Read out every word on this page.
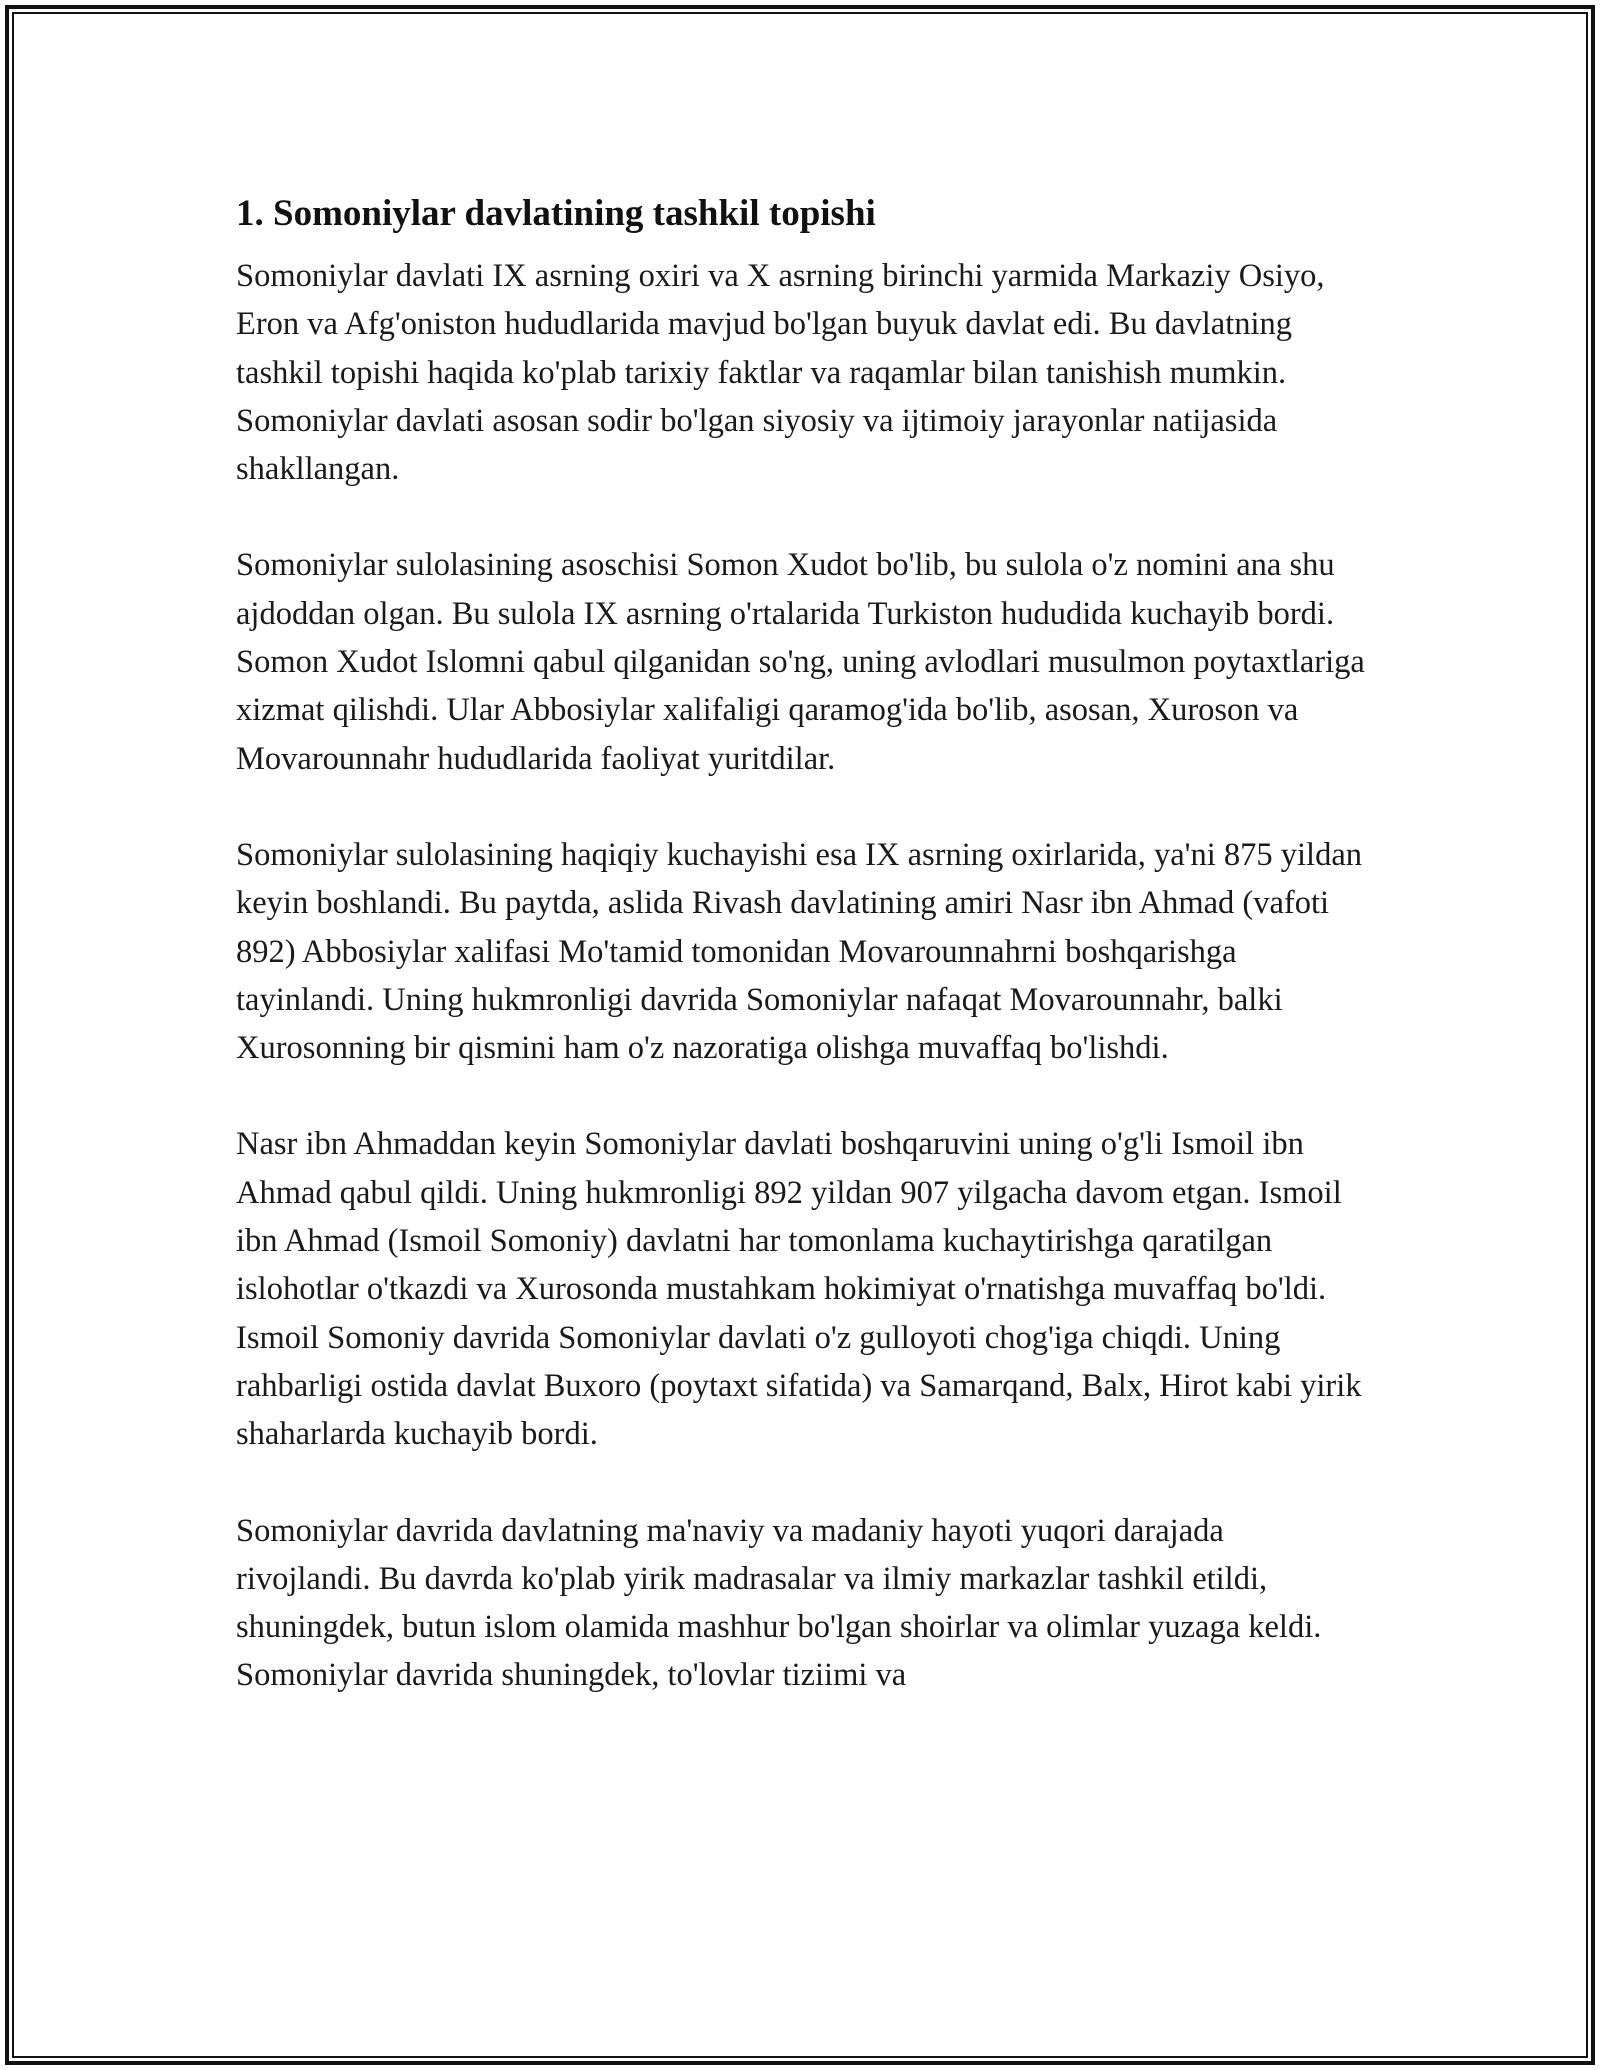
1. Somoniylar davlatining tashkil topishi

Somoniylar davlati IX asrning oxiri va X asrning birinchi yarmida Markaziy Osiyo, Eron va Afg'oniston hududlarida mavjud bo'lgan buyuk davlat edi. Bu davlatning tashkil topishi haqida ko'plab tarixiy faktlar va raqamlar bilan tanishish mumkin. Somoniylar davlati asosan sodir bo'lgan siyosiy va ijtimoiy jarayonlar natijasida shakllangan.

Somoniylar sulolasining asoschisi Somon Xudot bo'lib, bu sulola o'z nomini ana shu ajdoddan olgan. Bu sulola IX asrning o'rtalarida Turkiston hududida kuchayib bordi. Somon Xudot Islomni qabul qilganidan so'ng, uning avlodlari musulmon poytaxtlariga xizmat qilishdi. Ular Abbosiylar xalifaligi qaramog'ida bo'lib, asosan, Xuroson va Movarounnahr hududlarida faoliyat yuritdilar.

Somoniylar sulolasining haqiqiy kuchayishi esa IX asrning oxirlarida, ya'ni 875 yildan keyin boshlandi. Bu paytda, aslida Rivash davlatining amiri Nasr ibn Ahmad (vafoti 892) Abbosiylar xalifasi Mo'tamid tomonidan Movarounnahrni boshqarishga tayinlandi. Uning hukmronligi davrida Somoniylar nafaqat Movarounnahr, balki Xurosonning bir qismini ham o'z nazoratiga olishga muvaffaq bo'lishdi.

Nasr ibn Ahmaddan keyin Somoniylar davlati boshqaruvini uning o'g'li Ismoil ibn Ahmad qabul qildi. Uning hukmronligi 892 yildan 907 yilgacha davom etgan. Ismoil ibn Ahmad (Ismoil Somoniy) davlatni har tomonlama kuchaytirishga qaratilgan islohotlar o'tkazdi va Xurosonda mustahkam hokimiyat o'rnatishga muvaffaq bo'ldi. Ismoil Somoniy davrida Somoniylar davlati o'z gulloyoti chog'iga chiqdi. Uning rahbarligi ostida davlat Buxoro (poytaxt sifatida) va Samarqand, Balx, Hirot kabi yirik shaharlarda kuchayib bordi.

Somoniylar davrida davlatning ma'naviy va madaniy hayoti yuqori darajada rivojlandi. Bu davrda ko'plab yirik madrasalar va ilmiy markazlar tashkil etildi, shuningdek, butun islom olamida mashhur bo'lgan shoirlar va olimlar yuzaga keldi. Somoniylar davrida shuningdek, to'lovlar tiziimi va
